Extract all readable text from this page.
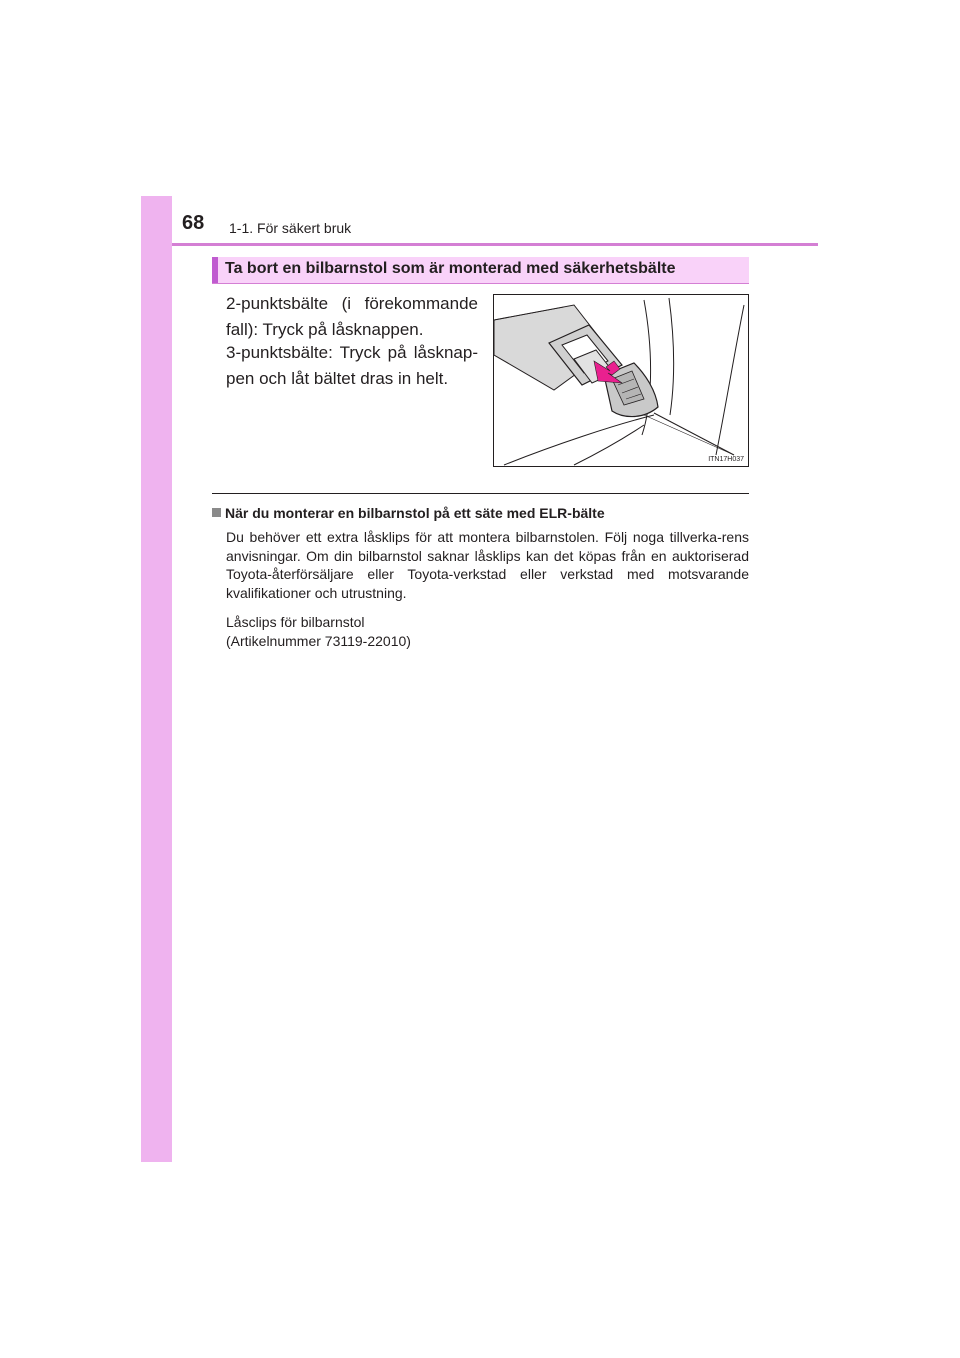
68 1-1. För säkert bruk
Ta bort en bilbarnstol som är monterad med säkerhetsbälte
2-punktsbälte (i förekommande fall): Tryck på låsknappen.
3-punktsbälte: Tryck på låsknap-pen och låt bältet dras in helt.
ITN17H037
När du monterar en bilbarnstol på ett säte med ELR-bälte
Du behöver ett extra låsklips för att montera bilbarnstolen. Följ noga tillverka-rens anvisningar. Om din bilbarnstol saknar låsklips kan det köpas från en auktoriserad Toyota-återförsäljare eller Toyota-verkstad eller verkstad med motsvarande kvalifikationer och utrustning.
Låsclips för bilbarnstol
(Artikelnummer 73119-22010)
